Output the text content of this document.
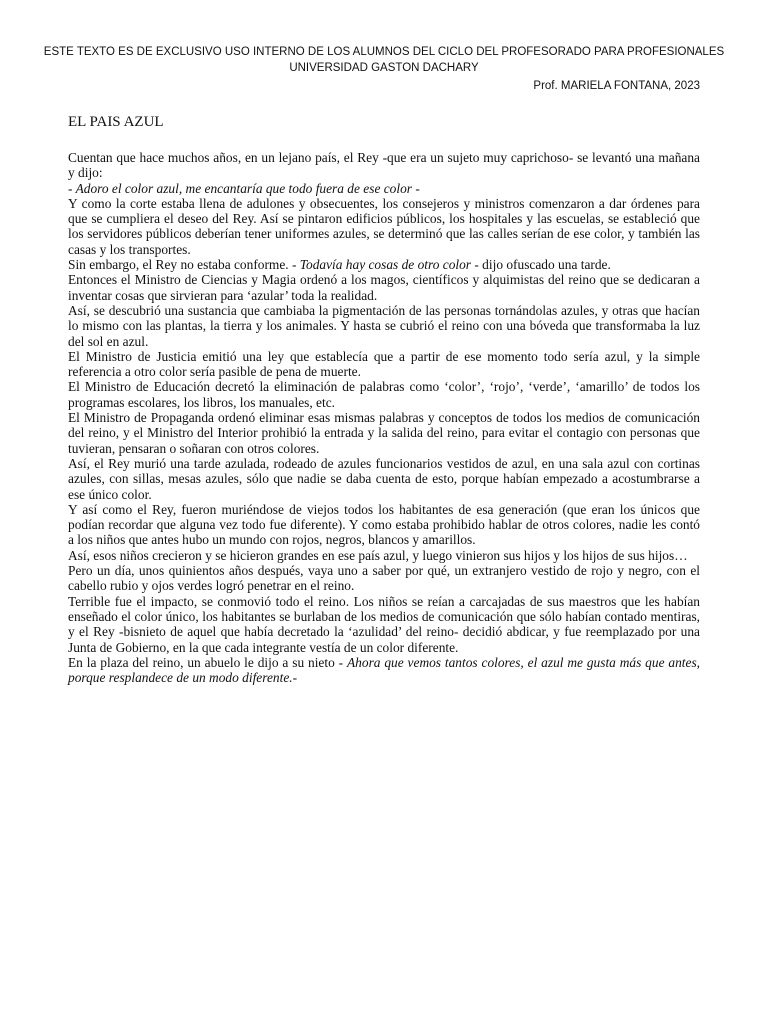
ESTE TEXTO ES DE EXCLUSIVO USO INTERNO DE LOS ALUMNOS DEL CICLO DEL PROFESORADO PARA PROFESIONALES
UNIVERSIDAD GASTON DACHARY
Prof. MARIELA FONTANA, 2023
EL PAIS AZUL

Cuentan que hace muchos años, en un lejano país, el Rey -que era un sujeto muy caprichoso- se levantó una mañana y dijo:

- Adoro el color azul, me encantaría que todo fuera de ese color -

Y como la corte estaba llena de adulones y obsecuentes, los consejeros y ministros comenzaron a dar órdenes para que se cumpliera el deseo del Rey. Así se pintaron edificios públicos, los hospitales y las escuelas, se estableció que los servidores públicos deberían tener uniformes azules, se determinó que las calles serían de ese color, y también las casas y los transportes.

Sin embargo, el Rey no estaba conforme. - Todavía hay cosas de otro color - dijo ofuscado una tarde.

Entonces el Ministro de Ciencias y Magia ordenó a los magos, científicos y alquimistas del reino que se dedicaran a inventar cosas que sirvieran para ‘azular’ toda la realidad.

Así, se descubrió una sustancia que cambiaba la pigmentación de las personas tornándolas azules, y otras que hacían lo mismo con las plantas, la tierra y los animales. Y hasta se cubrió el reino con una bóveda que transformaba la luz del sol en azul.

El Ministro de Justicia emitió una ley que establecía que a partir de ese momento todo sería azul, y la simple referencia a otro color sería pasible de pena de muerte.

El Ministro de Educación decretó la eliminación de palabras como ‘color’, ‘rojo’, ‘verde’, ‘amarillo’ de todos los programas escolares, los libros, los manuales, etc.

El Ministro de Propaganda ordenó eliminar esas mismas palabras y conceptos de todos los medios de comunicación del reino, y el Ministro del Interior prohibió la entrada y la salida del reino, para evitar el contagio con personas que tuvieran, pensaran o soñaran con otros colores.

Así, el Rey murió una tarde azulada, rodeado de azules funcionarios vestidos de azul, en una sala azul con cortinas azules, con sillas, mesas azules, sólo que nadie se daba cuenta de esto, porque habían empezado a acostumbrarse a ese único color.

Y así como el Rey, fueron muriéndose de viejos todos los habitantes de esa generación (que eran los únicos que podían recordar que alguna vez todo fue diferente). Y como estaba prohibido hablar de otros colores, nadie les contó a los niños que antes hubo un mundo con rojos, negros, blancos y amarillos.

Así, esos niños crecieron y se hicieron grandes en ese país azul, y luego vinieron sus hijos y los hijos de sus hijos…

Pero un día, unos quinientos años después, vaya uno a saber por qué, un extranjero vestido de rojo y negro, con el cabello rubio y ojos verdes logró penetrar en el reino.

Terrible fue el impacto, se conmovió todo el reino. Los niños se reían a carcajadas de sus maestros que les habían enseñado el color único, los habitantes se burlaban de los medios de comunicación que sólo habían contado mentiras, y el Rey -bisnieto de aquel que había decretado la ‘azulidad’ del reino- decidió abdicar, y fue reemplazado por una Junta de Gobierno, en la que cada integrante vestía de un color diferente.

En la plaza del reino, un abuelo le dijo a su nieto - Ahora que vemos tantos colores, el azul me gusta más que antes, porque resplandece de un modo diferente.-
